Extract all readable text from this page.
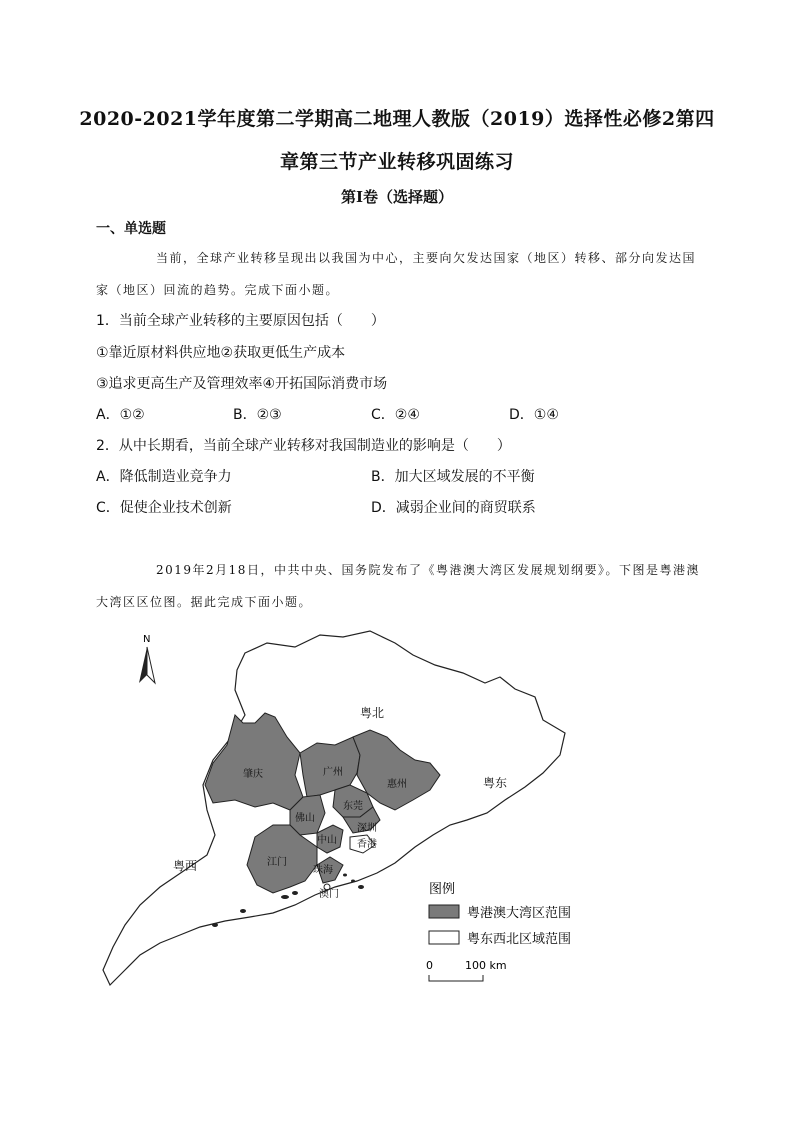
2020-2021学年度第二学期高二地理人教版（2019）选择性必修2第四
章第三节产业转移巩固练习
第I卷（选择题）
一、单选题
当前，全球产业转移呈现出以我国为中心，主要向欠发达国家（地区）转移、部分向发达国家（地区）回流的趋势。完成下面小题。
1．当前全球产业转移的主要原因包括（　　）
①靠近原材料供应地②获取更低生产成本
③追求更高生产及管理效率④开拓国际消费市场
A．①②	B．②③	C．②④	D．①④
2．从中长期看，当前全球产业转移对我国制造业的影响是（　　）
A．降低制造业竞争力	B．加大区域发展的不平衡
C．促使企业技术创新	D．减弱企业间的商贸联系
2019年2月18日，中共中央、国务院发布了《粤港澳大湾区发展规划纲要》。下图是粤港澳大湾区区位图。据此完成下面小题。
N
粤北
粤东
粤西
肇庆	广州
惠州
佛山
东莞
中山
深圳
香港
江门
珠海
澳门	图例
粤港澳大湾区范围
粤东西北区域范围
0	100 km
